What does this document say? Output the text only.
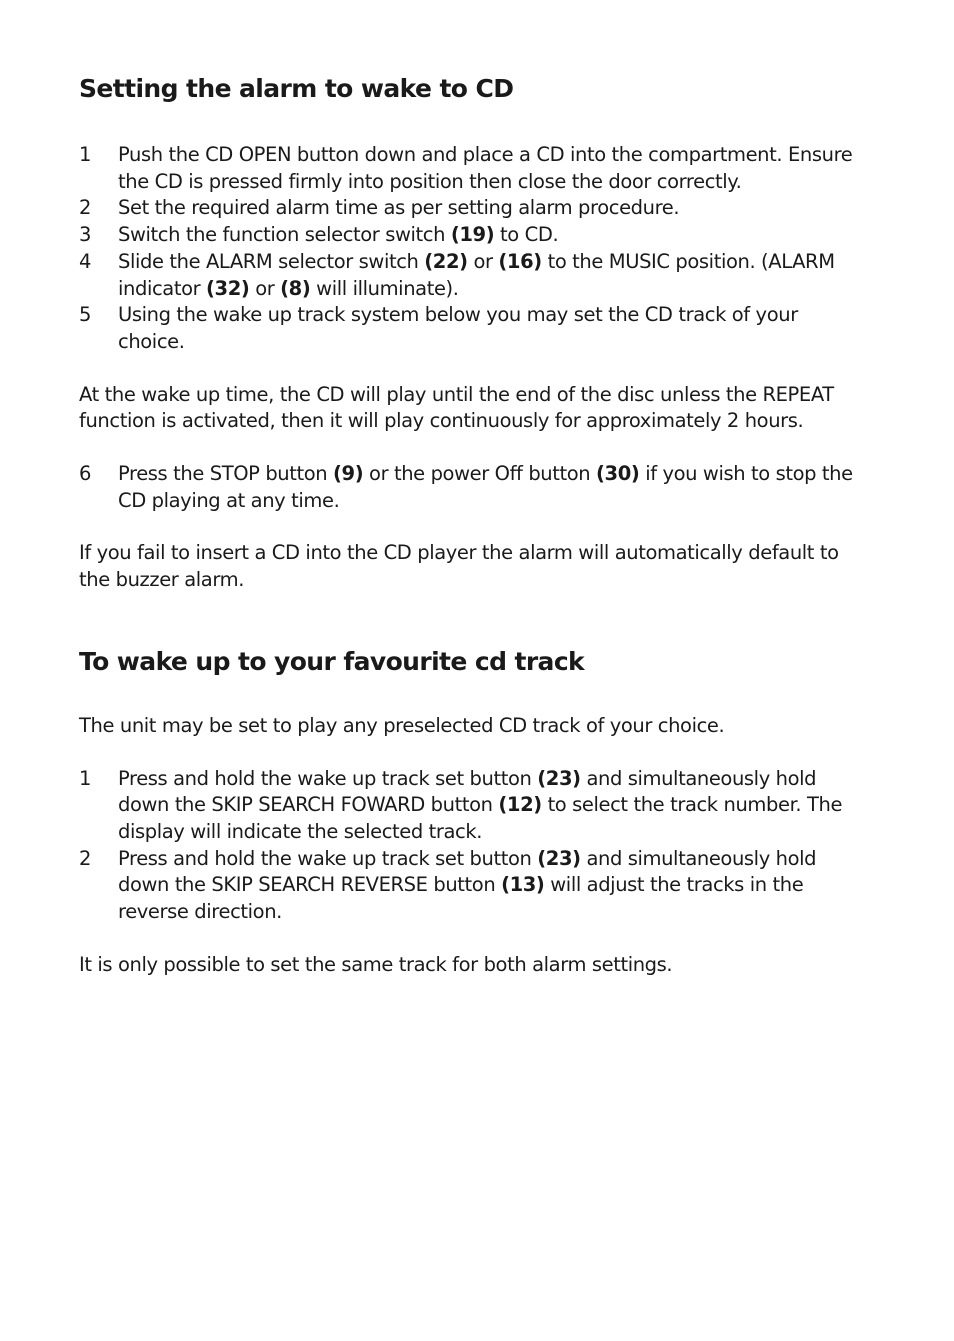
Setting the alarm to wake to CD
1	Push the CD OPEN button down and place a CD into the compartment. Ensure the CD is pressed firmly into position then close the door correctly.
2	Set the required alarm time as per setting alarm procedure.
3	Switch the function selector switch (19) to CD.
4	Slide the ALARM selector switch (22) or (16) to the MUSIC position. (ALARM indicator (32) or (8) will illuminate).
5	Using the wake up track system below you may set the CD track of your choice.

At the wake up time, the CD will play until the end of the disc unless the REPEAT function is activated, then it will play continuously for approximately 2 hours.

6	Press the STOP button (9) or the power Off button (30) if you wish to stop the CD playing at any time.

If you fail to insert a CD into the CD player the alarm will automatically default to the buzzer alarm.

To wake up to your favourite cd track

The unit may be set to play any preselected CD track of your choice.

1	Press and hold the wake up track set button (23) and simultaneously hold down the SKIP SEARCH FOWARD button (12) to select the track number. The display will indicate the selected track.
2	Press and hold the wake up track set button (23) and simultaneously hold down the SKIP SEARCH REVERSE button (13) will adjust the tracks in the reverse direction.

It is only possible to set the same track for both alarm settings.
